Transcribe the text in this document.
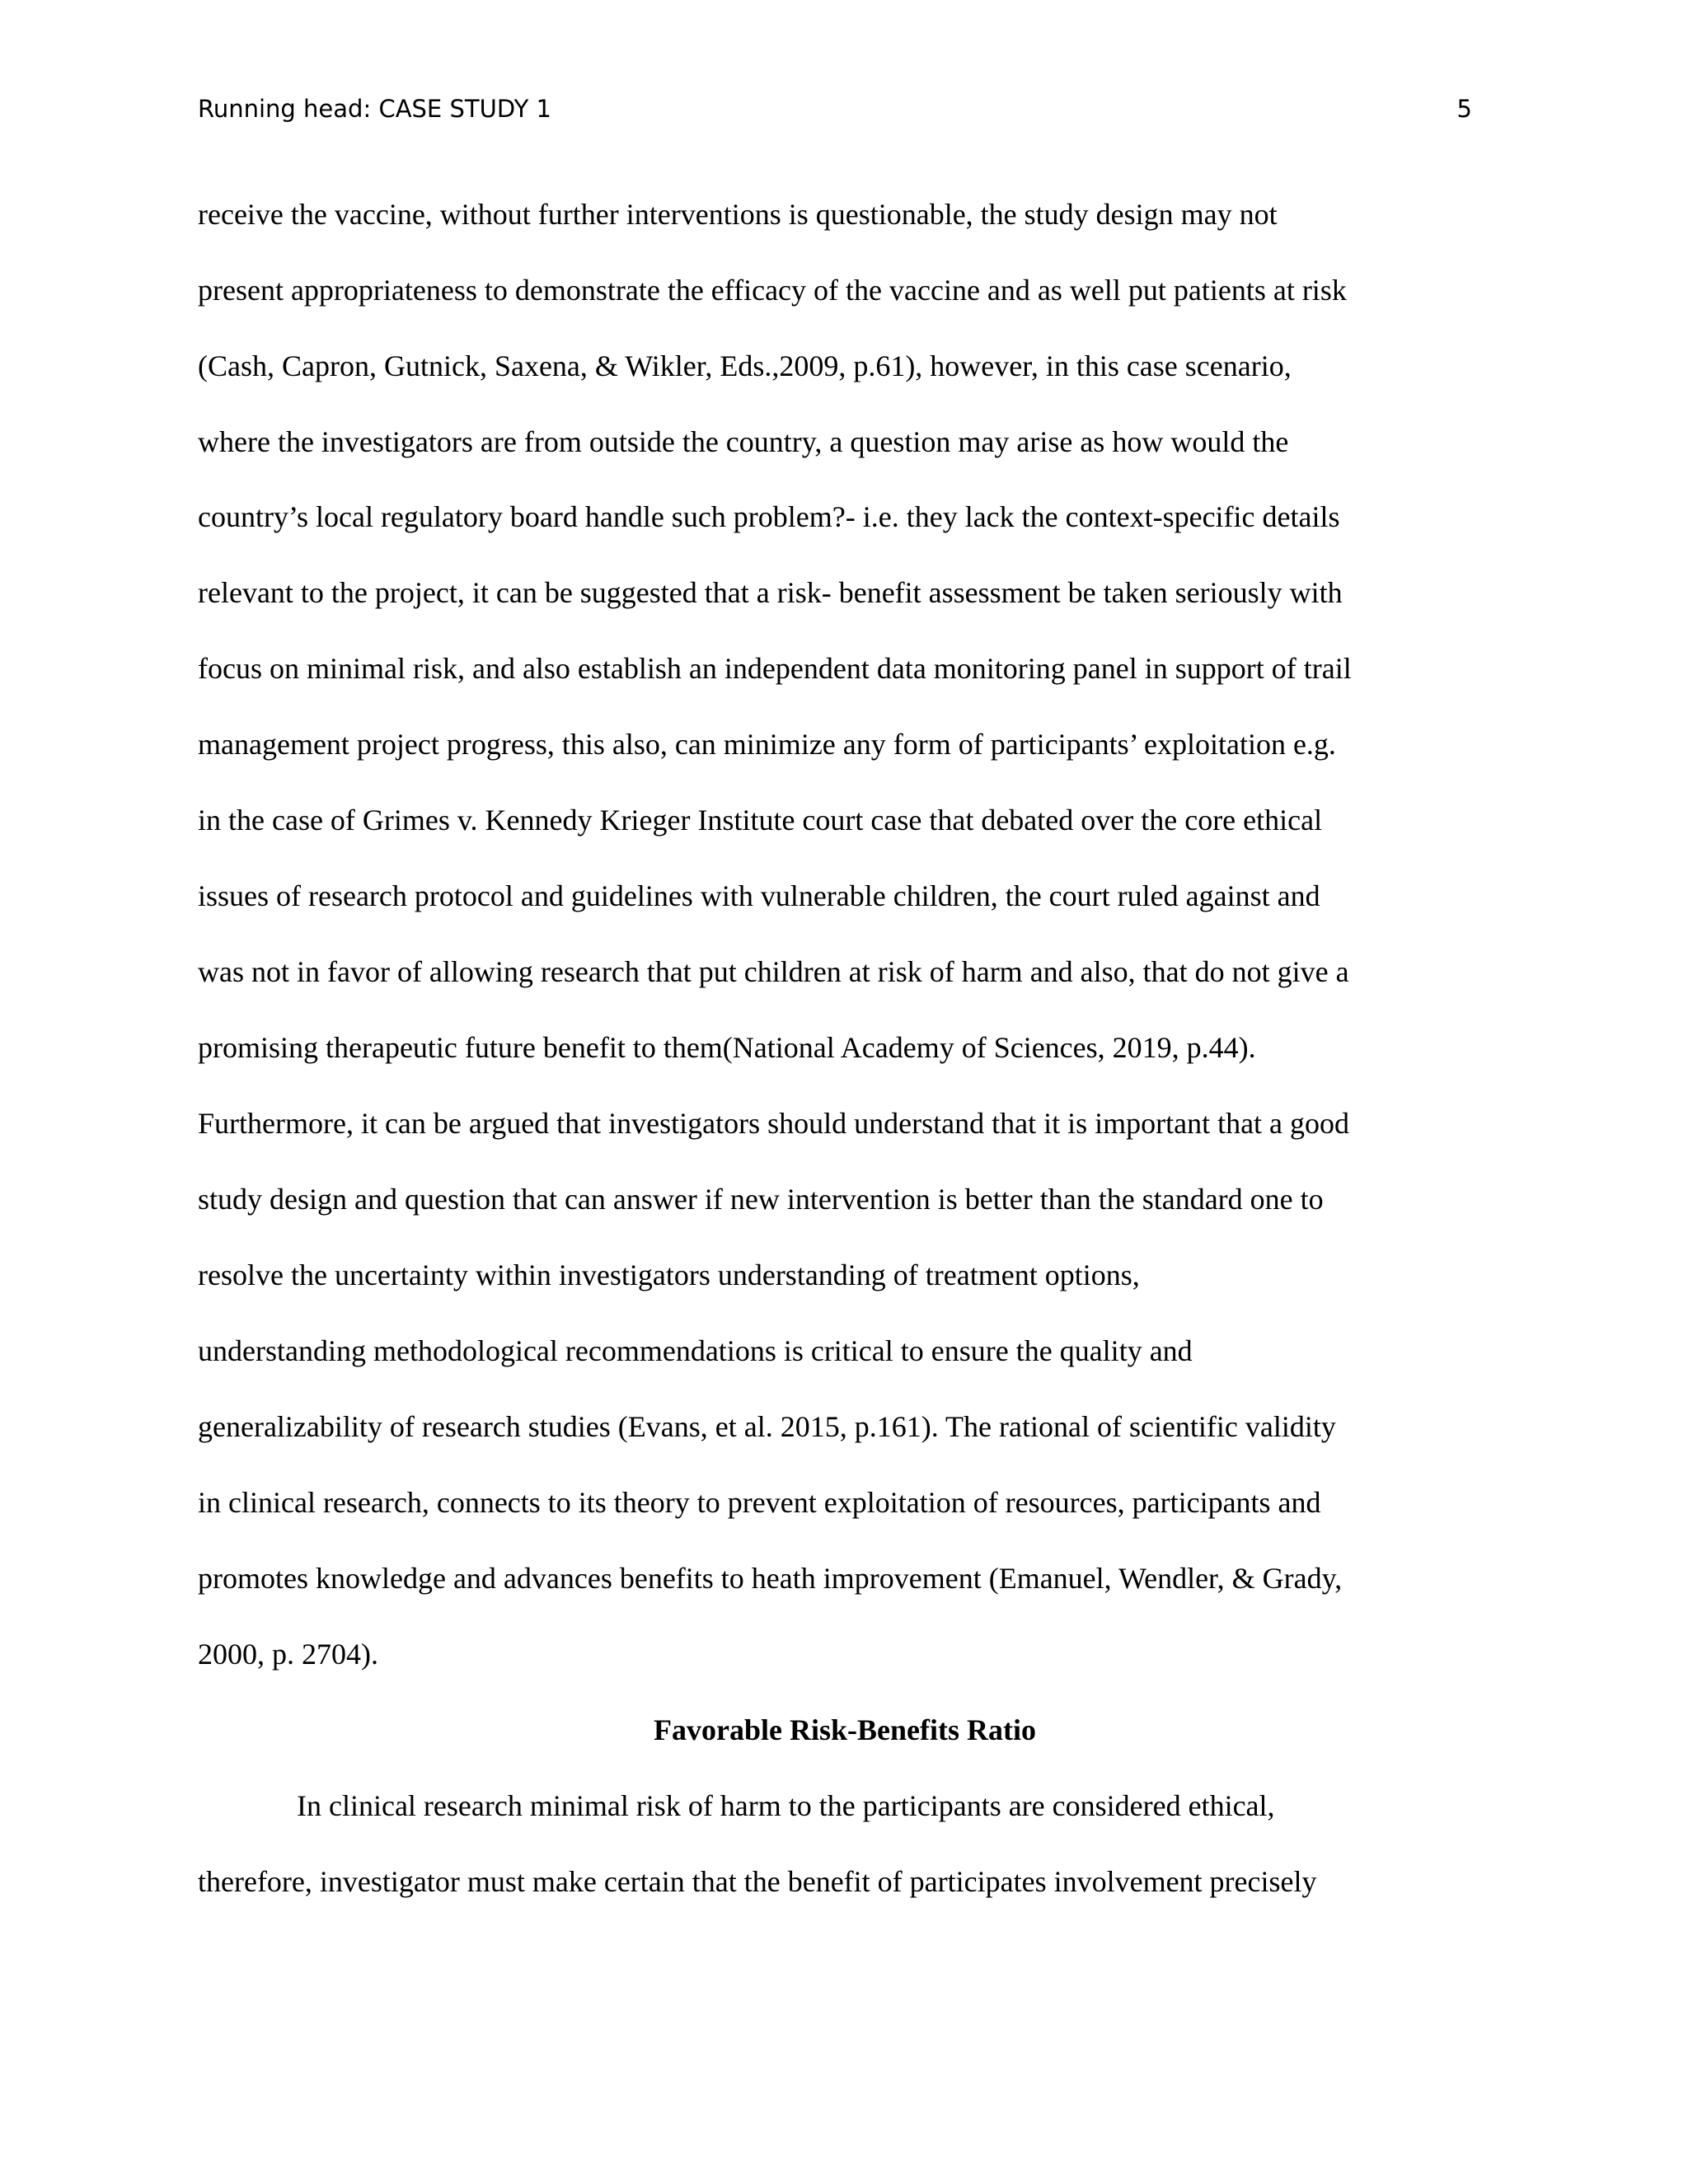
Running head: CASE STUDY 1	5
receive the vaccine, without further interventions is questionable, the study design may not
present appropriateness to demonstrate the efficacy of the vaccine and as well put patients at risk
(Cash, Capron, Gutnick, Saxena, & Wikler, Eds.,2009, p.61), however, in this case scenario,
where the investigators are from outside the country, a question may arise as how would the
country’s local regulatory board handle such problem?- i.e. they lack the context-specific details
relevant to the project, it can be suggested that a risk- benefit assessment be taken seriously with
focus on minimal risk, and also establish an independent data monitoring panel in support of trail
management project progress, this also, can minimize any form of participants’ exploitation e.g.
in the case of Grimes v. Kennedy Krieger Institute court case that debated over the core ethical
issues of research protocol and guidelines with vulnerable children, the court ruled against and
was not in favor of allowing research that put children at risk of harm and also, that do not give a
promising therapeutic future benefit to them(National Academy of Sciences, 2019, p.44).
Furthermore, it can be argued that investigators should understand that it is important that a good
study design and question that can answer if new intervention is better than the standard one to
resolve the uncertainty within investigators understanding of treatment options,
understanding methodological recommendations is critical to ensure the quality and
generalizability of research studies (Evans, et al. 2015, p.161). The rational of scientific validity
in clinical research, connects to its theory to prevent exploitation of resources, participants and
promotes knowledge and advances benefits to heath improvement (Emanuel, Wendler, & Grady,
2000, p. 2704).
In clinical research minimal risk of harm to the participants are considered ethical,
therefore, investigator must make certain that the benefit of participates involvement precisely
Favorable Risk-Benefits Ratio
